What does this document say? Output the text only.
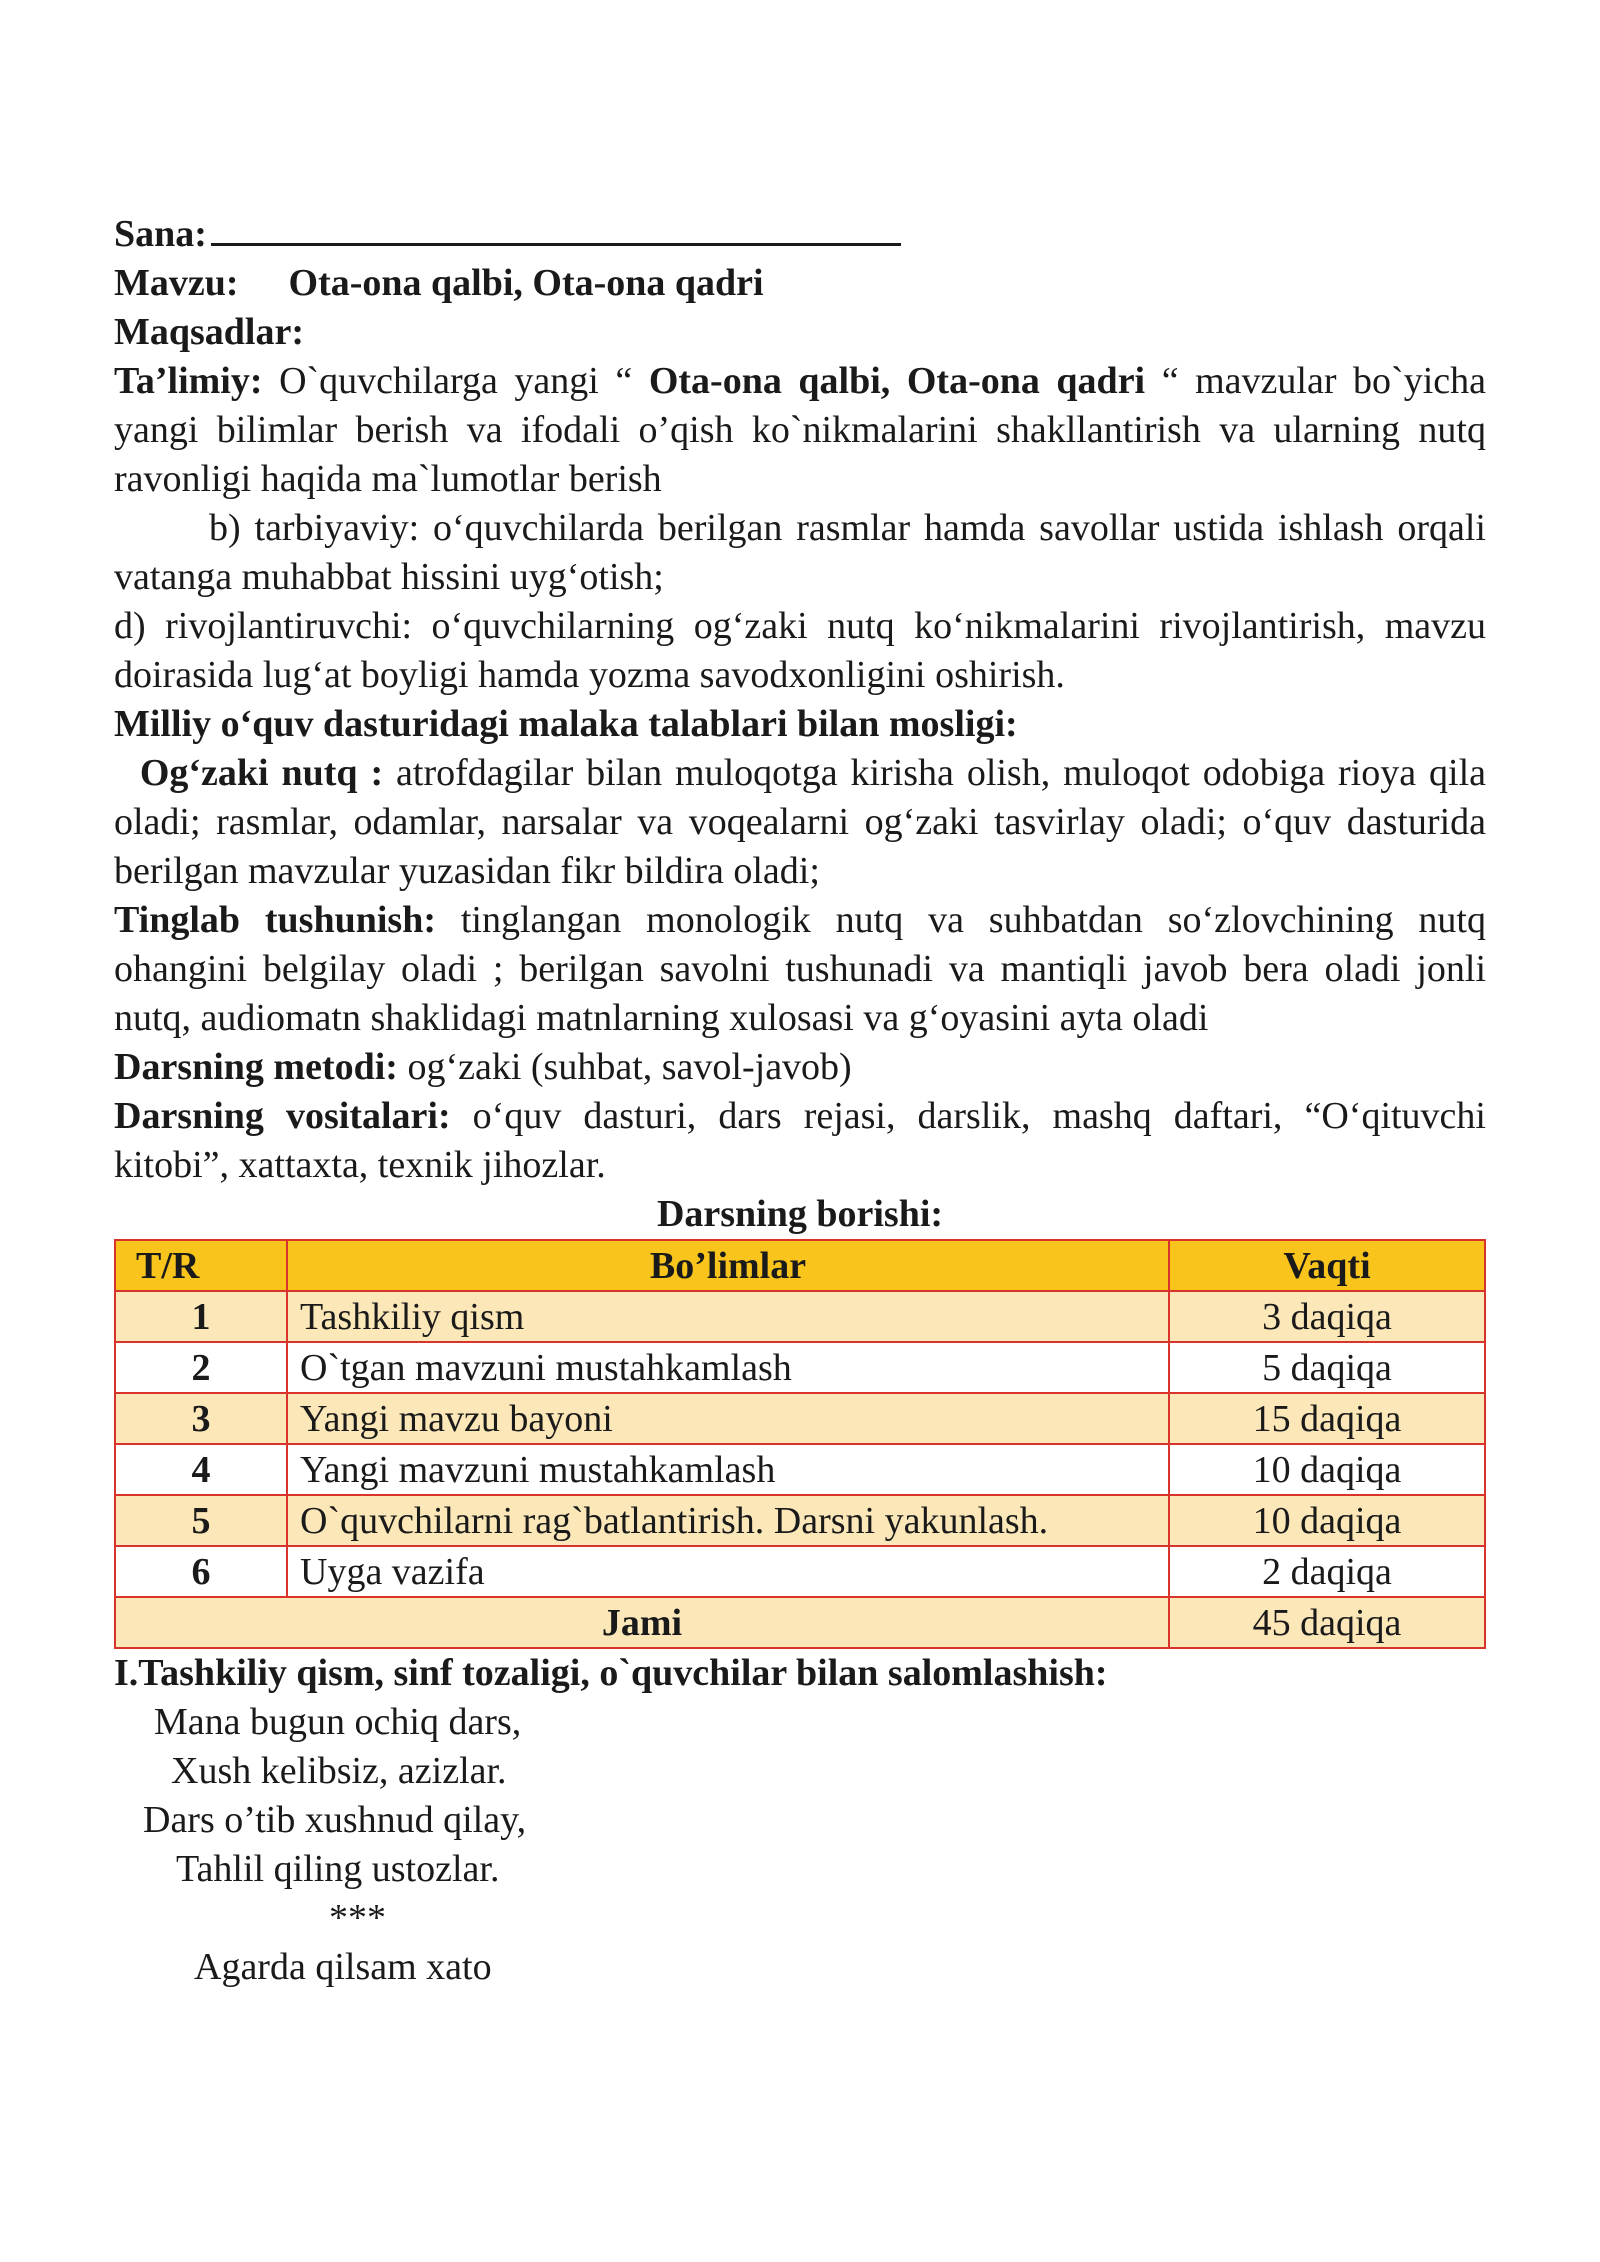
Sana:

Mavzu: Ota-ona qalbi, Ota-ona qadri

Maqsadlar:

Ta’limiy: O`quvchilarga yangi “ Ota-ona qalbi, Ota-ona qadri “ mavzular bo`yicha yangi bilimlar berish va ifodali o’qish ko`nikmalarini shakllantirish va ularning nutq ravonligi haqida ma`lumotlar berish

b) tarbiyaviy: o‘quvchilarda berilgan rasmlar hamda savollar ustida ishlash orqali vatanga muhabbat hissini uyg‘otish;

d) rivojlantiruvchi: o‘quvchilarning og‘zaki nutq ko‘nikmalarini rivojlantirish, mavzu doirasida lug‘at boyligi hamda yozma savodxonligini oshirish.

Milliy o‘quv dasturidagi malaka talablari bilan mosligi:

Og‘zaki nutq : atrofdagilar bilan muloqotga kirisha olish, muloqot odobiga rioya qila oladi; rasmlar, odamlar, narsalar va voqealarni og‘zaki tasvirlay oladi; o‘quv dasturida berilgan mavzular yuzasidan fikr bildira oladi;

Tinglab tushunish: tinglangan monologik nutq va suhbatdan so‘zlovchining nutq ohangini belgilay oladi ; berilgan savolni tushunadi va mantiqli javob bera oladi jonli nutq, audiomatn shaklidagi matnlarning xulosasi va g‘oyasini ayta oladi

Darsning metodi: og‘zaki (suhbat, savol-javob)

Darsning vositalari: o‘quv dasturi, dars rejasi, darslik, mashq daftari, “O‘qituvchi kitobi”, xattaxta, texnik jihozlar.

Darsning borishi:

T/R	Bo’limlar	Vaqti
1	Tashkiliy qism	3 daqiqa
2	O`tgan mavzuni mustahkamlash	5 daqiqa
3	Yangi mavzu bayoni	15 daqiqa
4	Yangi mavzuni mustahkamlash	10 daqiqa
5	O`quvchilarni rag`batlantirish. Darsni yakunlash.	10 daqiqa
6	Uyga vazifa	2 daqiqa
Jami		45 daqiqa

I.Tashkiliy qism, sinf tozaligi, o`quvchilar bilan salomlashish:

Mana bugun ochiq dars,

Xush kelibsiz, azizlar.

Dars o’tib xushnud qilay,

Tahlil qiling ustozlar.

***

Agarda qilsam xato
